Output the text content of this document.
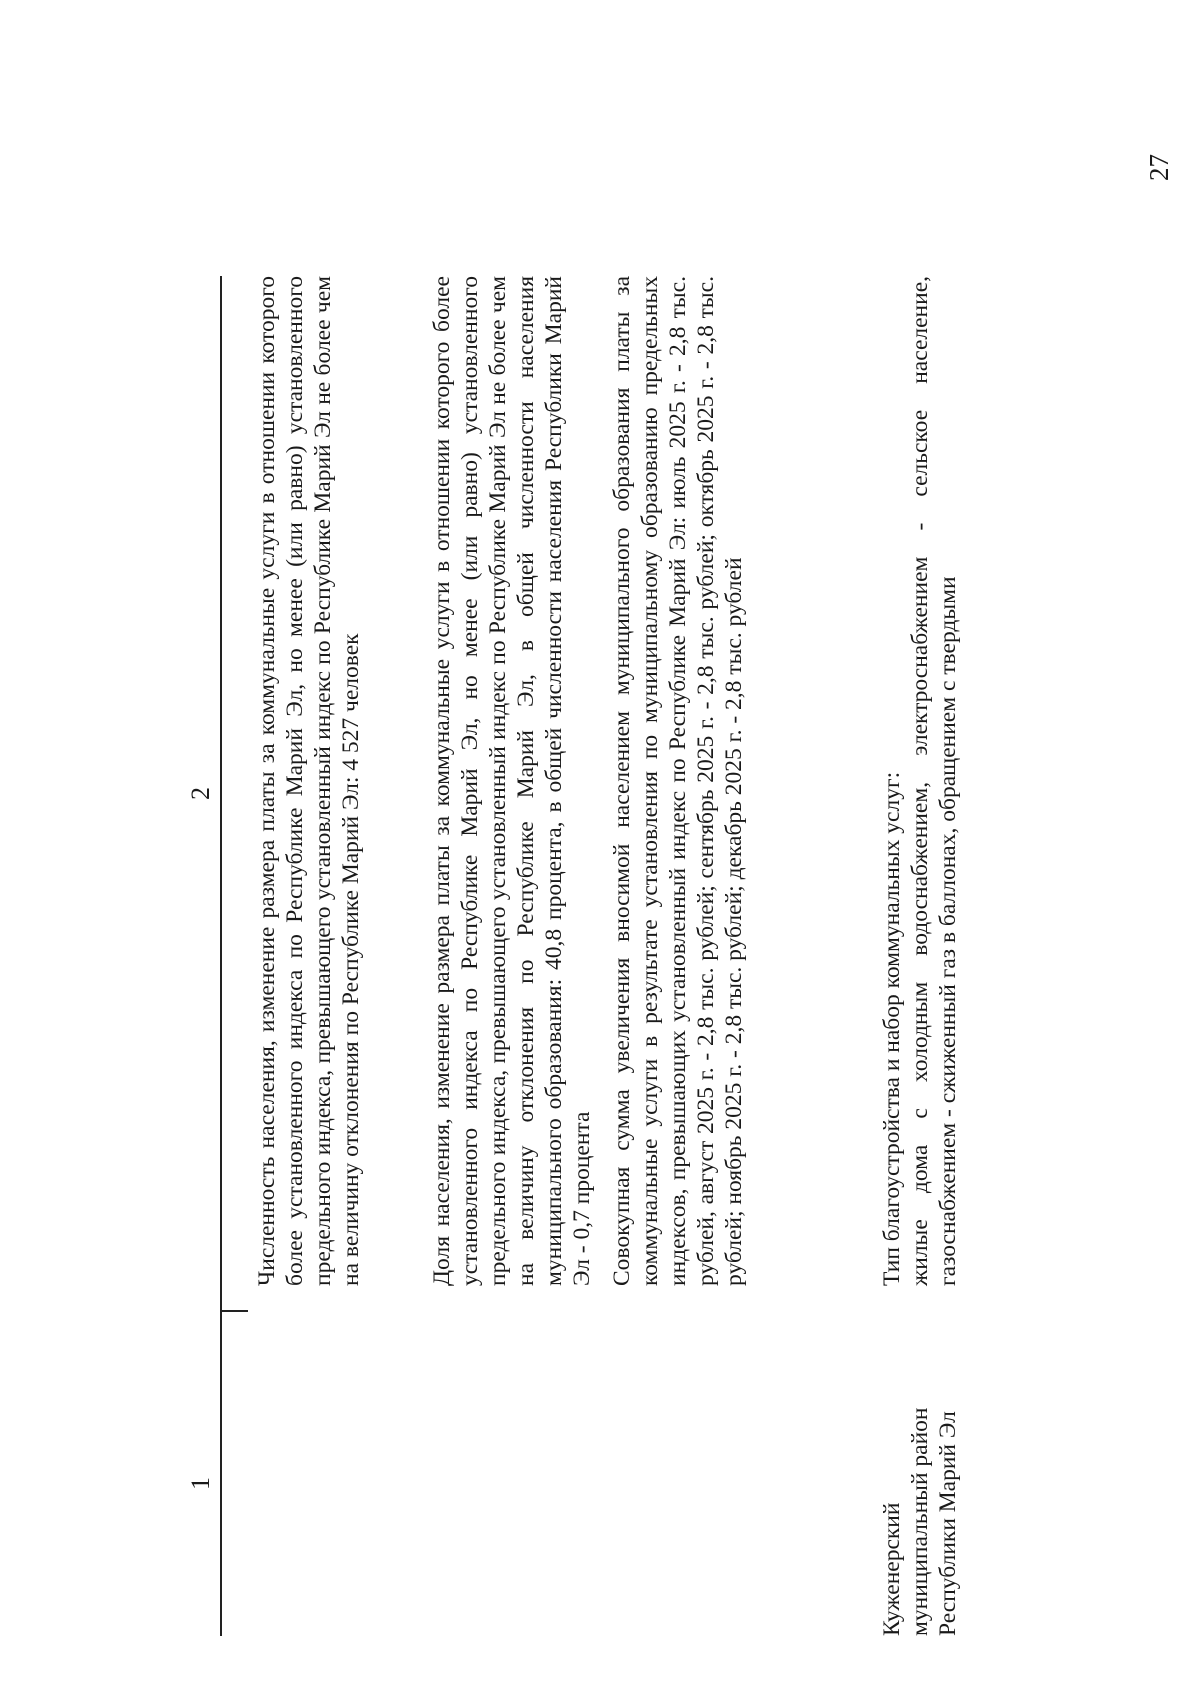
27
1
2 Численность населения, изменение размера платы за коммунальные услуги в отношении которого более установленного индекса по Республике Марий Эл, но менее (или равно) установленного предельного индекса, превышающего установленный индекс по Республике Марий Эл не более чем на величину отклонения по Республике Марий Эл: 4 527 человек	Доля населения, изменение размера платы за коммунальные услуги в отношении которого более установленного индекса по Республике Марий Эл, но менее (или равно) установленного предельного индекса, превышающего установленный индекс по Республике Марий Эл не более чем на величину отклонения по Республике Марий Эл, в общей численности населения муниципального образования: 40,8 процента, в общей численности населения Республики Марий Эл - 0,7 процента Совокупная сумма увеличения вносимой населением муниципального образования платы за коммунальные услуги в результате установления по муниципальному образованию предельных индексов, превышающих установленный индекс по Республике Марий Эл: июль 2025 г. - 2,8 тыс. рублей, август 2025 г. - 2,8 тыс. рублей; сентябрь 2025 г. - 2,8 тыс. рублей; октябрь 2025 г. - 2,8 тыс. рублей; ноябрь 2025 г. - 2,8 тыс. рублей; декабрь 2025 г. - 2,8 тыс. рублей

Куженерский муниципальный район Республики Марий Эл

Тип благоустройства и набор коммунальных услуг: жилые дома с холодным водоснабжением, электроснабжением - сельское население, газоснабжением - сжиженный газ в баллонах, обращением с твердыми
